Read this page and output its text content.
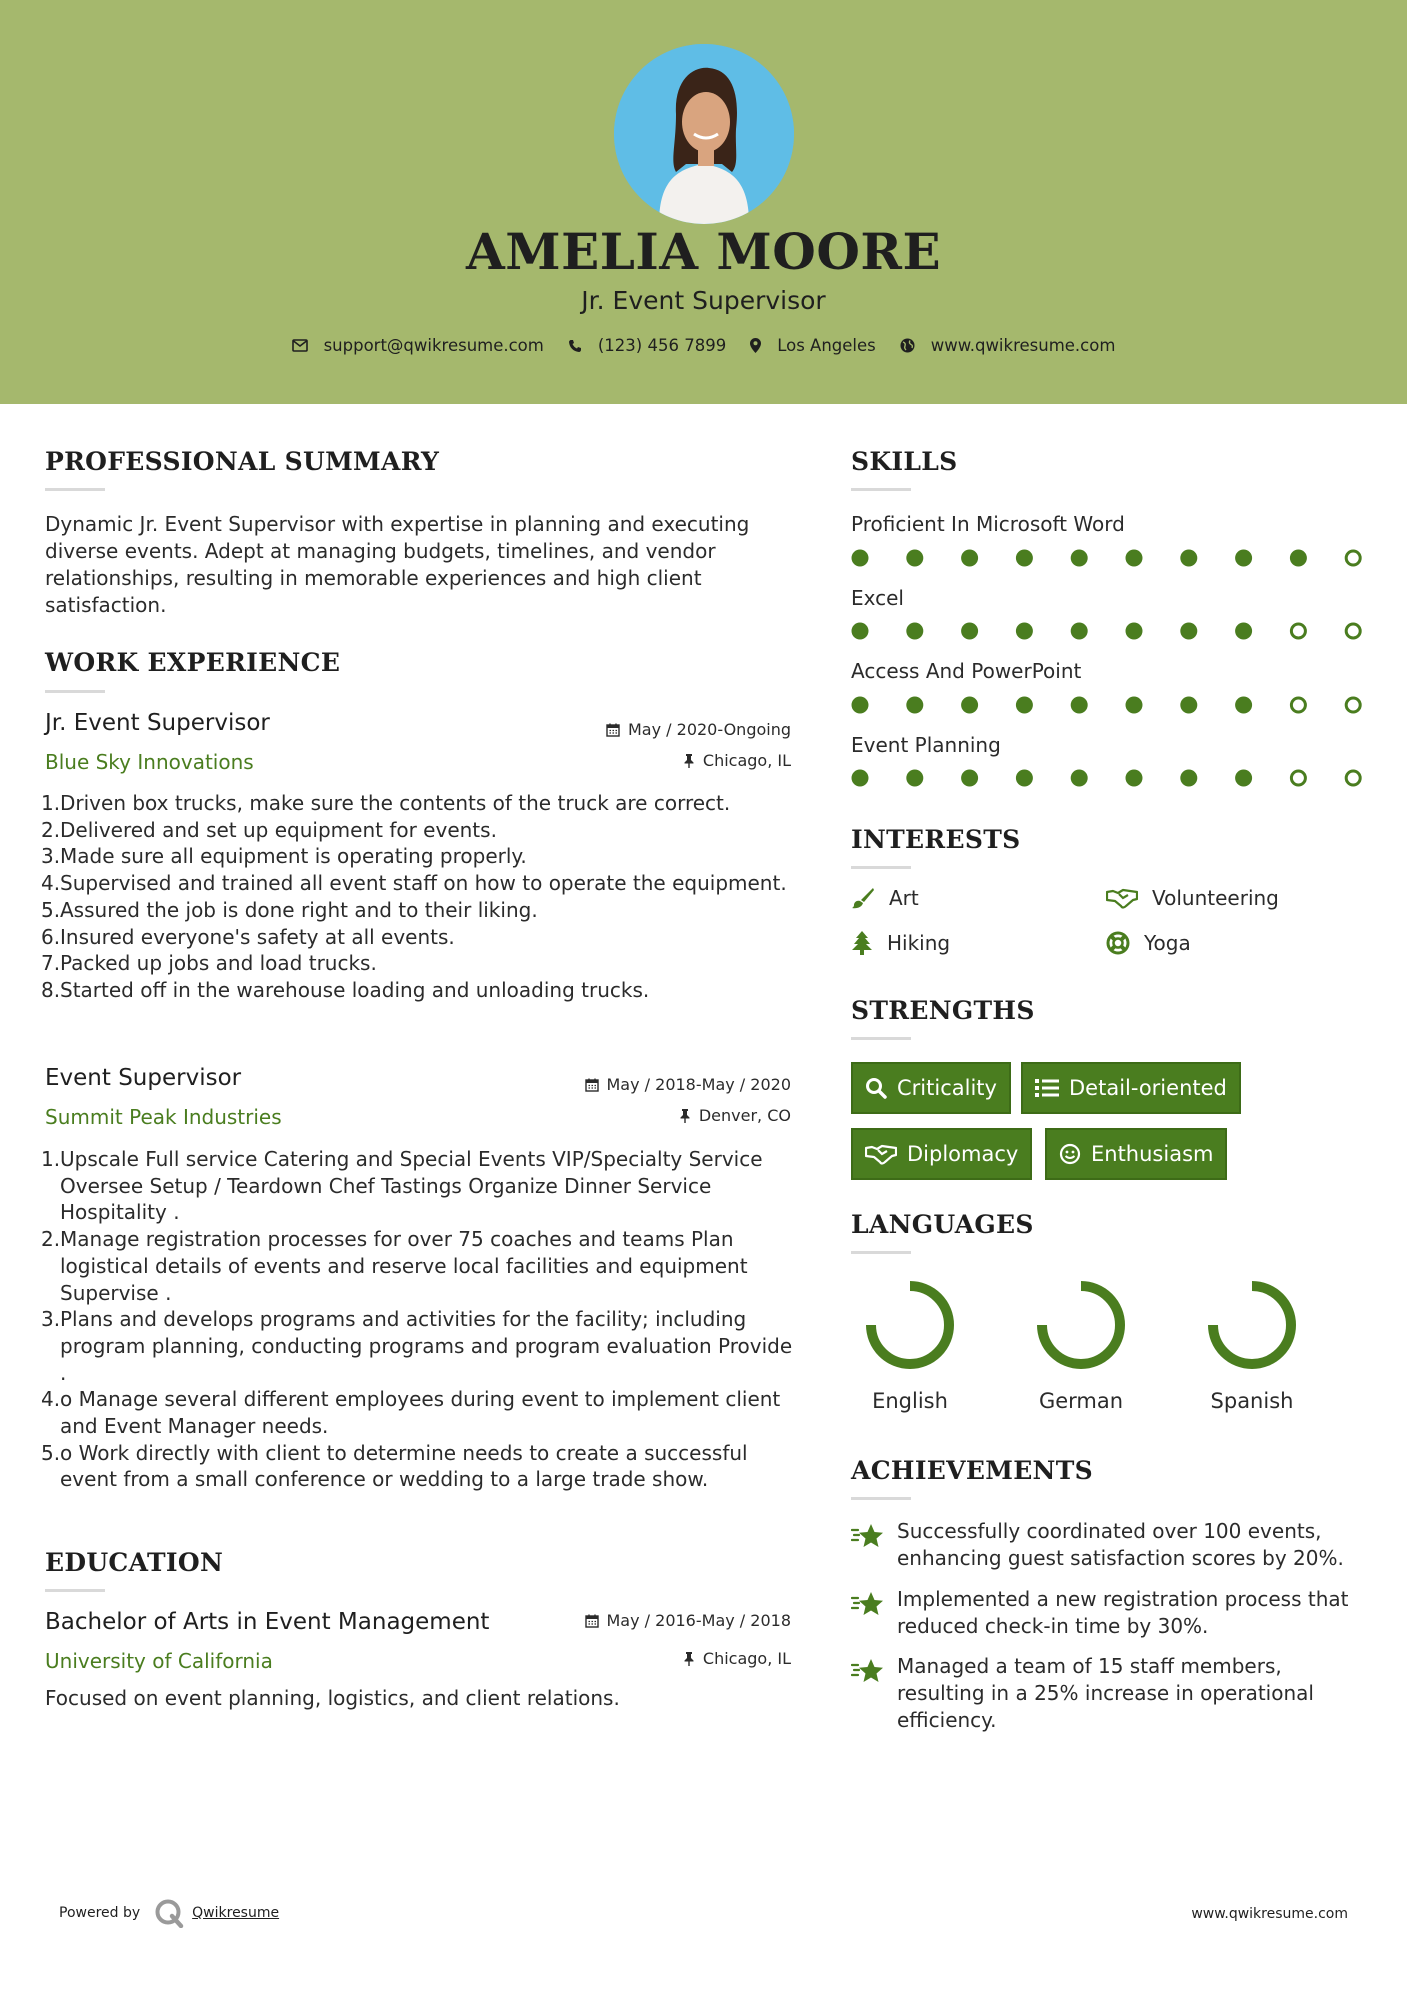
AMELIA MOORE
Jr. Event Supervisor
support@qwikresume.com	(123) 456 7899	Los Angeles	www.qwikresume.com
PROFESSIONAL SUMMARY
Dynamic Jr. Event Supervisor with expertise in planning and executing diverse events. Adept at managing budgets, timelines, and vendor relationships, resulting in memorable experiences and high client satisfaction.
WORK EXPERIENCE
Jr. Event Supervisor
Blue Sky Innovations
May / 2020-Ongoing
Chicago, IL
1.
Driven box trucks, make sure the contents of the truck are correct.
2.
Delivered and set up equipment for events.
3.
Made sure all equipment is operating properly.
4.
Supervised and trained all event staff on how to operate the equipment.
5.
Assured the job is done right and to their liking.
6.
Insured everyone's safety at all events.
7.
Packed up jobs and load trucks.
8.
Started off in the warehouse loading and unloading trucks.
Event Supervisor
Summit Peak Industries
May / 2018-May / 2020
Denver, CO
1.
Upscale Full service Catering and Special Events VIP/Specialty Service Oversee Setup / Teardown Chef Tastings Organize Dinner Service Hospitality .
2.
Manage registration processes for over 75 coaches and teams Plan logistical details of events and reserve local facilities and equipment Supervise .
3.
Plans and develops programs and activities for the facility; including program planning, conducting programs and program evaluation Provide .
4.
o Manage several different employees during event to implement client and Event Manager needs.
5.
o Work directly with client to determine needs to create a successful event from a small conference or wedding to a large trade show.
EDUCATION
Bachelor of Arts in Event Management
University of California
May / 2016-May / 2018
Chicago, IL
Focused on event planning, logistics, and client relations.
SKILLS
Proficient In Microsoft Word
Excel
Access And PowerPoint
Event Planning
INTERESTS
Art	Volunteering
Hiking	Yoga
STRENGTHS
Criticality	Detail-oriented
Diplomacy	Enthusiasm
LANGUAGES
English	German	Spanish
ACHIEVEMENTS
Successfully coordinated over 100 events, enhancing guest satisfaction scores by 20%.
Implemented a new registration process that reduced check-in time by 30%.
Managed a team of 15 staff members, resulting in a 25% increase in operational efficiency.
Powered by	Qwikresume	www.qwikresume.com
